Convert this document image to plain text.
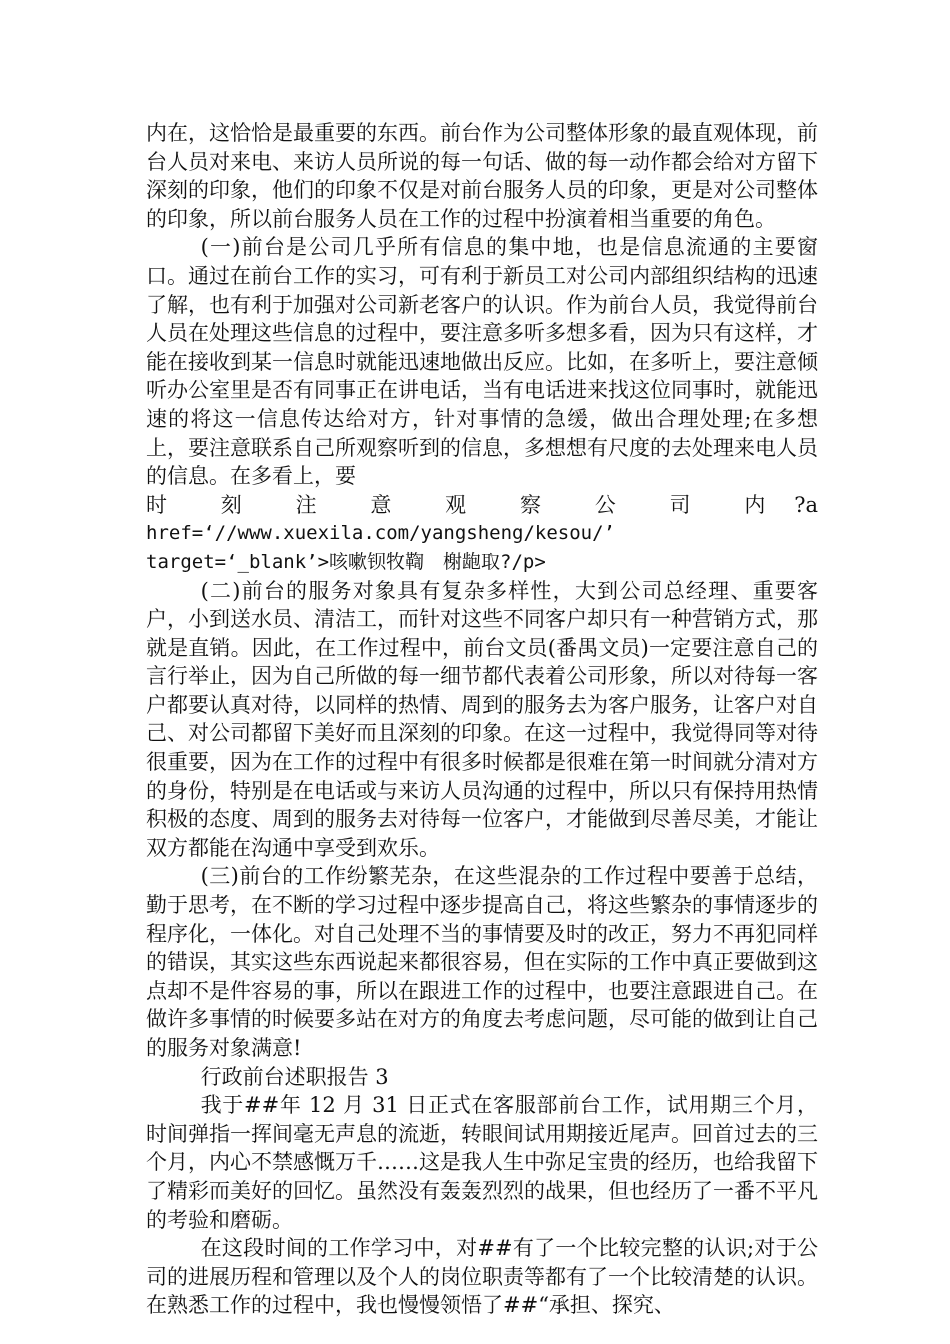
内在，这恰恰是最重要的东西。前台作为公司整体形象的最直观体现，前台人员对来电、来访人员所说的每一句话、做的每一动作都会给对方留下深刻的印象，他们的印象不仅是对前台服务人员的印象，更是对公司整体的印象，所以前台服务人员在工作的过程中扮演着相当重要的角色。

(一)前台是公司几乎所有信息的集中地，也是信息流通的主要窗口。通过在前台工作的实习，可有利于新员工对公司内部组织结构的迅速了解，也有利于加强对公司新老客户的认识。作为前台人员，我觉得前台人员在处理这些信息的过程中，要注意多听多想多看，因为只有这样，才能在接收到某一信息时就能迅速地做出反应。比如，在多听上，要注意倾听办公室里是否有同事正在讲电话，当有电话进来找这位同事时，就能迅速的将这一信息传达给对方，针对事情的急缓，做出合理处理;在多想上，要注意联系自己所观察听到的信息，多想想有尺度的去处理来电人员的信息。在多看上，要

时　　刻　　注　　意　　观　　察　　公　　司　　内　?a

href=‘//www.xuexila.com/yangsheng/kesou/’

target=‘_blank’>咳嗽钡牧鞫　榭龅取?/p>

(二)前台的服务对象具有复杂多样性，大到公司总经理、重要客户，小到送水员、清洁工，而针对这些不同客户却只有一种营销方式，那就是直销。因此，在工作过程中，前台文员(番禺文员)一定要注意自己的言行举止，因为自己所做的每一细节都代表着公司形象，所以对待每一客户都要认真对待，以同样的热情、周到的服务去为客户服务，让客户对自己、对公司都留下美好而且深刻的印象。在这一过程中，我觉得同等对待很重要，因为在工作的过程中有很多时候都是很难在第一时间就分清对方的身份，特别是在电话或与来访人员沟通的过程中，所以只有保持用热情积极的态度、周到的服务去对待每一位客户，才能做到尽善尽美，才能让双方都能在沟通中享受到欢乐。

(三)前台的工作纷繁芜杂，在这些混杂的工作过程中要善于总结，勤于思考，在不断的学习过程中逐步提高自己，将这些繁杂的事情逐步的程序化，一体化。对自己处理不当的事情要及时的改正，努力不再犯同样的错误，其实这些东西说起来都很容易，但在实际的工作中真正要做到这点却不是件容易的事，所以在跟进工作的过程中，也要注意跟进自己。在做许多事情的时候要多站在对方的角度去考虑问题，尽可能的做到让自己的服务对象满意!

行政前台述职报告 3

我于##年 12 月 31 日正式在客服部前台工作，试用期三个月，时间弹指一挥间毫无声息的流逝，转眼间试用期接近尾声。回首过去的三个月，内心不禁感慨万千……这是我人生中弥足宝贵的经历，也给我留下了精彩而美好的回忆。虽然没有轰轰烈烈的战果，但也经历了一番不平凡的考验和磨砺。

在这段时间的工作学习中，对##有了一个比较完整的认识;对于公司的进展历程和管理以及个人的岗位职责等都有了一个比较清楚的认识。在熟悉工作的过程中，我也慢慢领悟了##“承担、探究、
